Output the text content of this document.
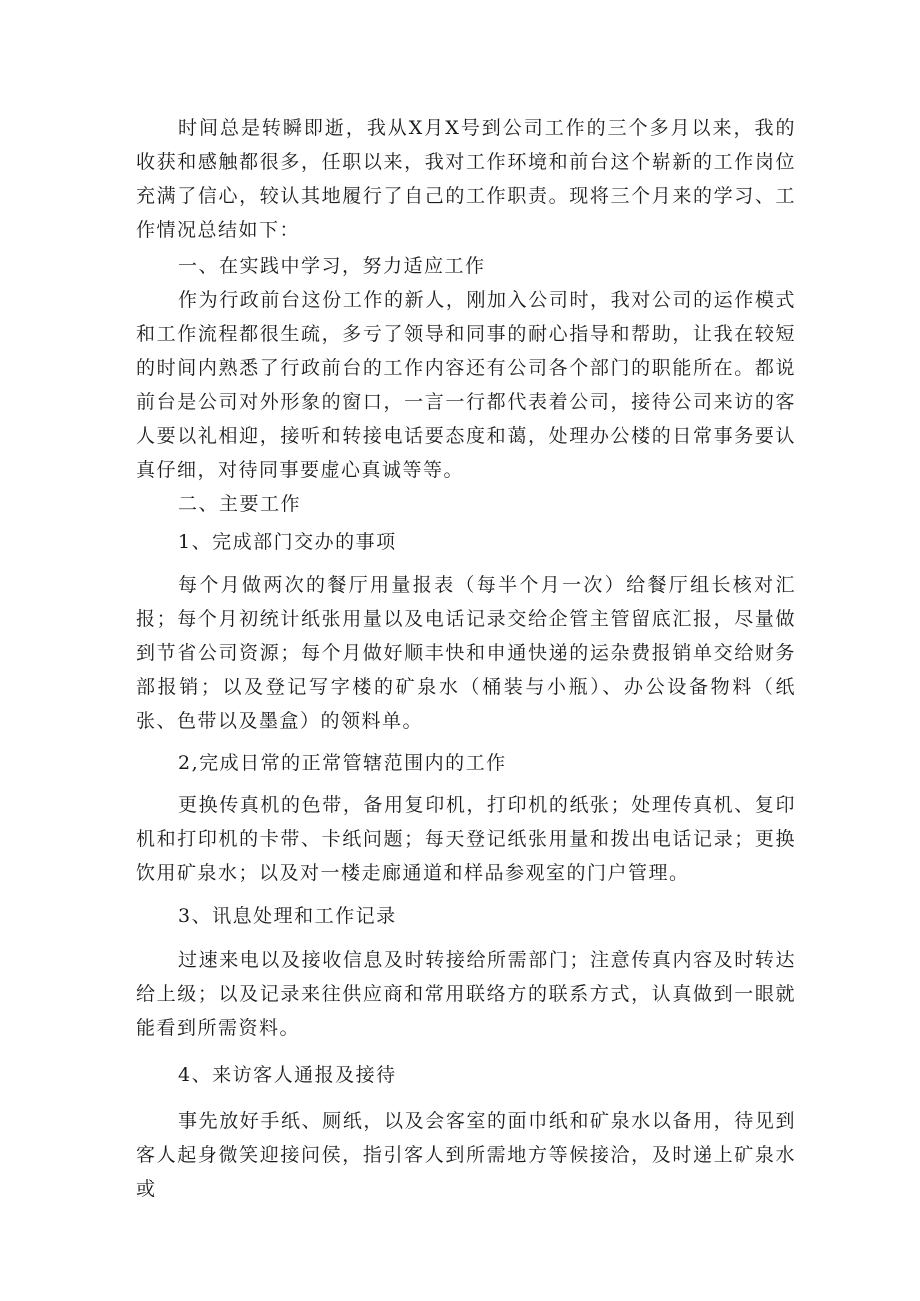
时间总是转瞬即逝，我从X月X号到公司工作的三个多月以来，我的收获和感触都很多，任职以来，我对工作环境和前台这个崭新的工作岗位充满了信心，较认其地履行了自己的工作职责。现将三个月来的学习、工作情况总结如下：

一、在实践中学习，努力适应工作

作为行政前台这份工作的新人，刚加入公司时，我对公司的运作模式和工作流程都很生疏，多亏了领导和同事的耐心指导和帮助，让我在较短的时间内熟悉了行政前台的工作内容还有公司各个部门的职能所在。都说前台是公司对外形象的窗口，一言一行都代表着公司，接待公司来访的客人要以礼相迎，接听和转接电话要态度和蔼，处理办公楼的日常事务要认真仔细，对待同事要虚心真诚等等。

二、主要工作

1、完成部门交办的事项

每个月做两次的餐厅用量报表（每半个月一次）给餐厅组长核对汇报；每个月初统计纸张用量以及电话记录交给企管主管留底汇报，尽量做到节省公司资源；每个月做好顺丰快和申通快递的运杂费报销单交给财务部报销；以及登记写字楼的矿泉水（桶装与小瓶）、办公设备物料（纸张、色带以及墨盒）的领料单。

2,完成日常的正常管辖范围内的工作

更换传真机的色带，备用复印机，打印机的纸张；处理传真机、复印机和打印机的卡带、卡纸问题；每天登记纸张用量和拨出电话记录；更换饮用矿泉水；以及对一楼走廊通道和样品参观室的门户管理。

3、讯息处理和工作记录

过速来电以及接收信息及时转接给所需部门；注意传真内容及时转达给上级；以及记录来往供应商和常用联络方的联系方式，认真做到一眼就能看到所需资料。

4、来访客人通报及接待

事先放好手纸、厕纸，以及会客室的面巾纸和矿泉水以备用，待见到客人起身微笑迎接问侯，指引客人到所需地方等候接洽，及时递上矿泉水或
